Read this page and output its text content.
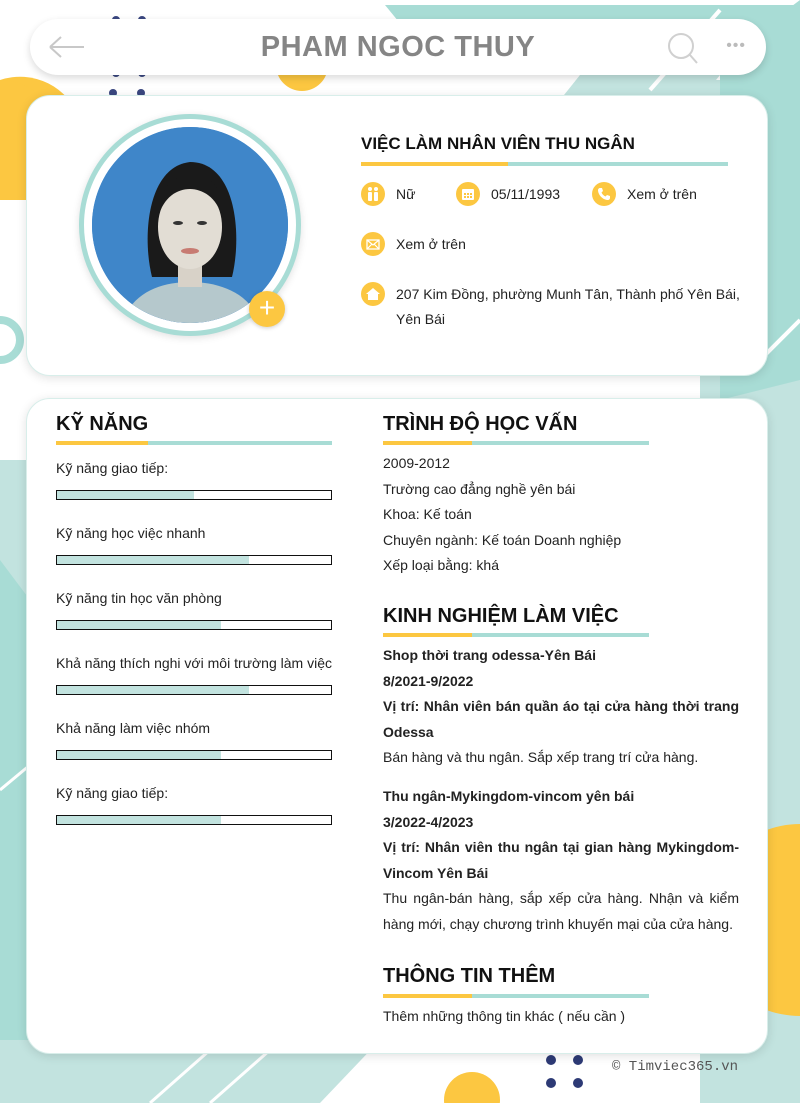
PHAM NGOC THUY	•••
+
VIỆC LÀM NHÂN VIÊN THU NGÂN
Nữ	05/11/1993	Xem ở trên
Xem ở trên
207 Kim Đồng, phường Munh Tân, Thành phố Yên Bái,
Yên Bái
KỸ NĂNG
Kỹ năng giao tiếp:
Kỹ năng học việc nhanh
Kỹ năng tin học văn phòng
Khả năng thích nghi với môi trường làm việc
Khả năng làm việc nhóm
Kỹ năng giao tiếp:
TRÌNH ĐỘ HỌC VẤN
2009-2012
Trường cao đẳng nghề yên bái
Khoa: Kế toán
Chuyên ngành: Kế toán Doanh nghiệp
Xếp loại bằng: khá
KINH NGHIỆM LÀM VIỆC
Shop thời trang odessa-Yên Bái
8/2021-9/2022
Vị trí: Nhân viên bán quần áo tại cửa hàng thời trang Odessa
Bán hàng và thu ngân. Sắp xếp trang trí cửa hàng.
Thu ngân-Mykingdom-vincom yên bái
3/2022-4/2023
Vị trí: Nhân viên thu ngân tại gian hàng Mykingdom-Vincom Yên Bái
Thu ngân-bán hàng, sắp xếp cửa hàng. Nhận và kiểm hàng mới, chạy chương trình khuyến mại của cửa hàng.
THÔNG TIN THÊM
Thêm những thông tin khác ( nếu cần )
© Timviec365.vn
